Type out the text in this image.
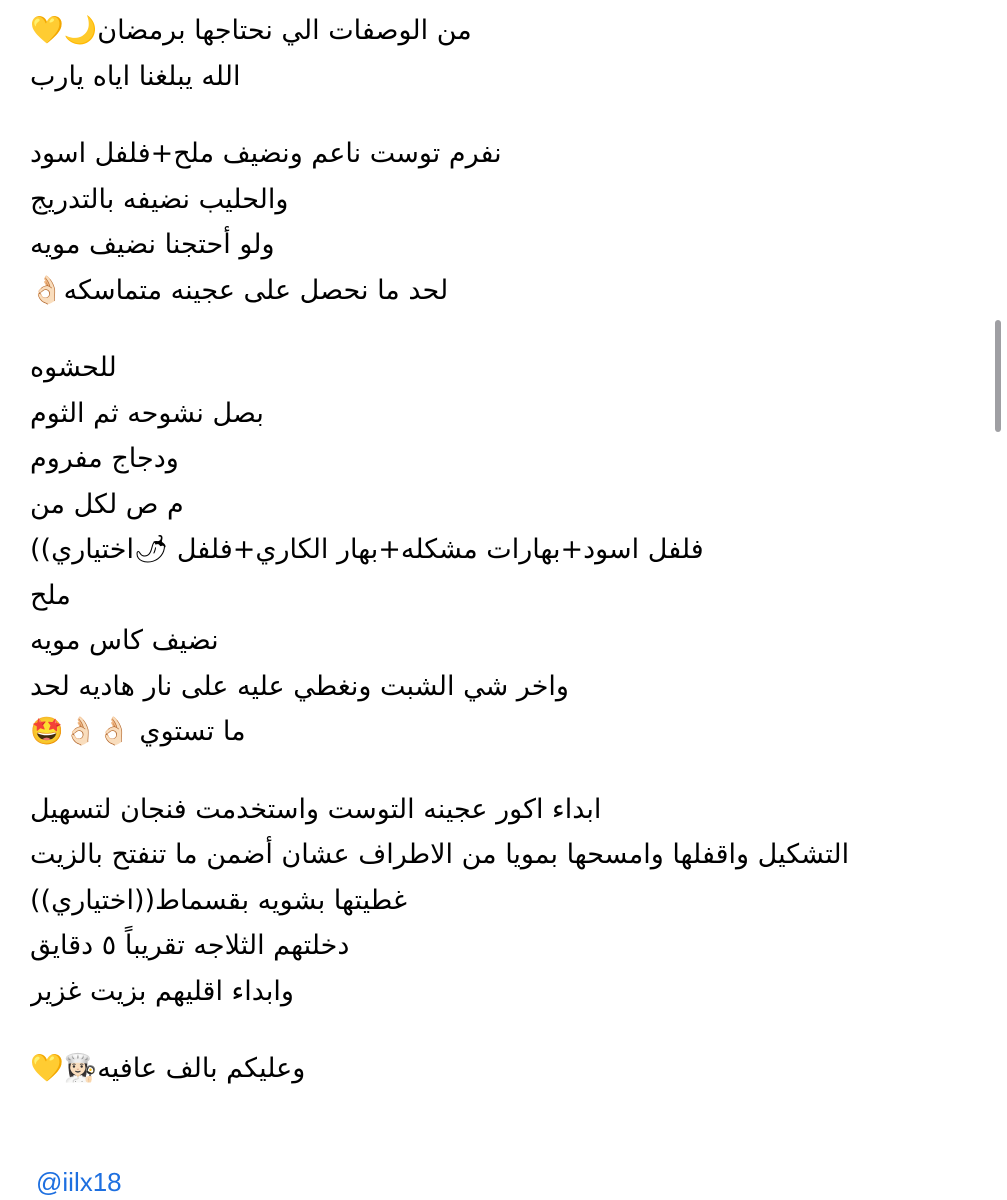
من الوصفات الي نحتاجها برمضان🌙💛
الله يبلغنا اياه يارب
نفرم توست ناعم ونضيف ملح+فلفل اسود
والحليب نضيفه بالتدريج
ولو أحتجنا نضيف مويه
لحد ما نحصل على عجينه متماسكه👌🏻
للحشوه
بصل نشوحه ثم الثوم
ودجاج مفروم
م ص لكل من
فلفل اسود+بهارات مشكله+بهار الكاري+فلفل 🌶اختياري))
ملح
نضيف كاس مويه
واخر شي الشبت ونغطي عليه على نار هاديه لحد
ما تستوي 👌🏻👌🏻🤩
ابداء اكور عجينه التوست واستخدمت فنجان لتسهيل
التشكيل واقفلها وامسحها بمويا من الاطراف عشان أضمن ما تنفتح بالزيت
غطيتها بشويه بقسماط((اختياري))
دخلتهم الثلاجه تقريباً ٥ دقايق
وابداء اقليهم بزيت غزير
وعليكم بالف عافيه👩🏻‍🍳💛
@iilx18
